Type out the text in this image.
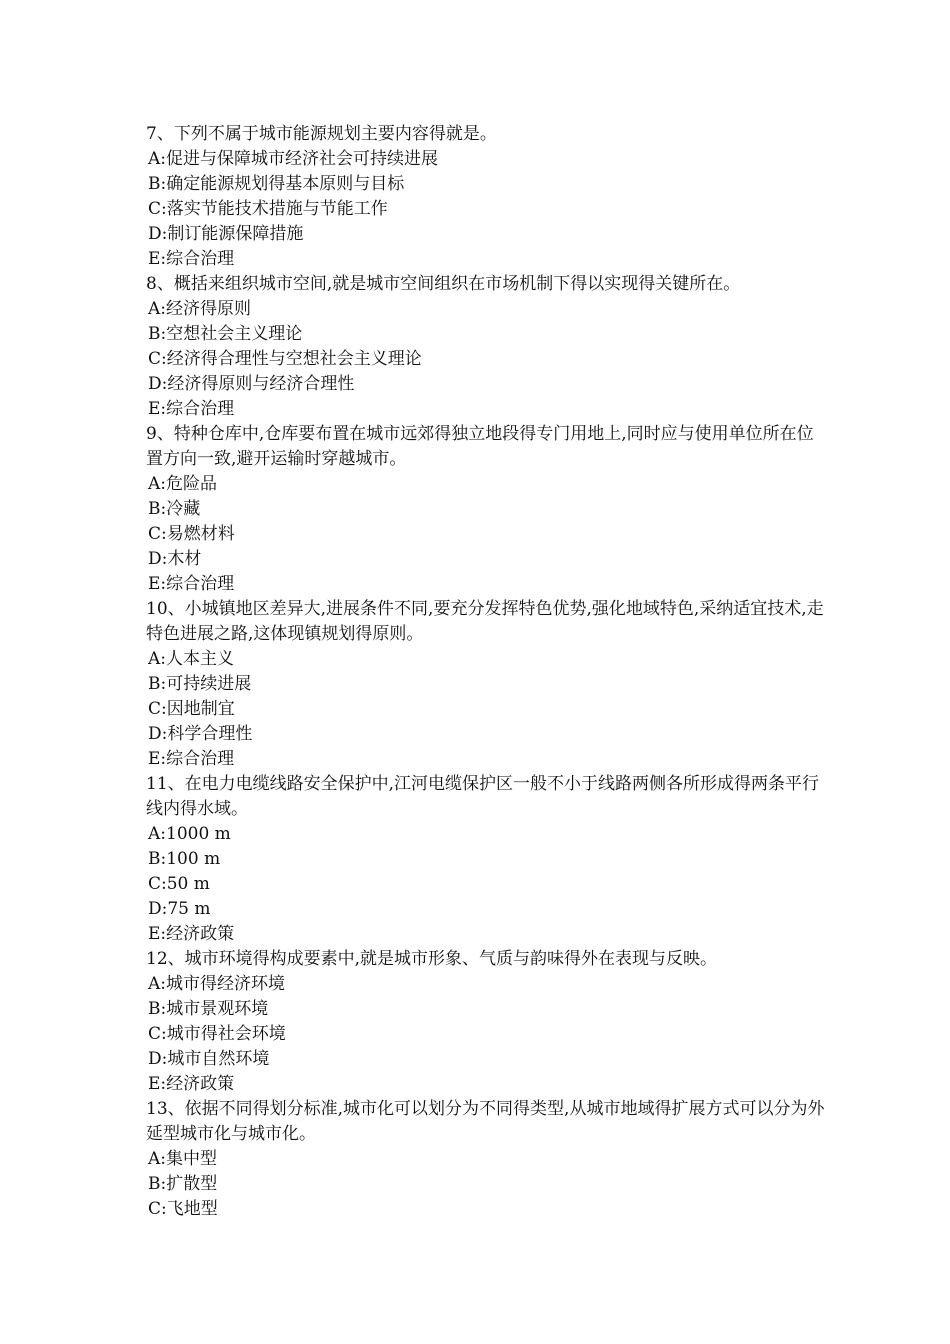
7、下列不属于城市能源规划主要内容得就是。

A:促进与保障城市经济社会可持续进展

B:确定能源规划得基本原则与目标

C:落实节能技术措施与节能工作

D:制订能源保障措施

E:综合治理

8、概括来组织城市空间,就是城市空间组织在市场机制下得以实现得关键所在。

A:经济得原则

B:空想社会主义理论

C:经济得合理性与空想社会主义理论

D:经济得原则与经济合理性

E:综合治理

9、特种仓库中,仓库要布置在城市远郊得独立地段得专门用地上,同时应与使用单位所在位置方向一致,避开运输时穿越城市。

A:危险品

B:冷藏

C:易燃材料

D:木材

E:综合治理

10、小城镇地区差异大,进展条件不同,要充分发挥特色优势,强化地域特色,采纳适宜技术,走特色进展之路,这体现镇规划得原则。

A:人本主义

B:可持续进展

C:因地制宜

D:科学合理性

E:综合治理

11、在电力电缆线路安全保护中,江河电缆保护区一般不小于线路两侧各所形成得两条平行线内得水域。

A:1000 m

B:100 m

C:50 m

D:75 m

E:经济政策

12、城市环境得构成要素中,就是城市形象、气质与韵味得外在表现与反映。

A:城市得经济环境

B:城市景观环境

C:城市得社会环境

D:城市自然环境

E:经济政策

13、依据不同得划分标准,城市化可以划分为不同得类型,从城市地域得扩展方式可以分为外延型城市化与城市化。

A:集中型

B:扩散型

C:飞地型
